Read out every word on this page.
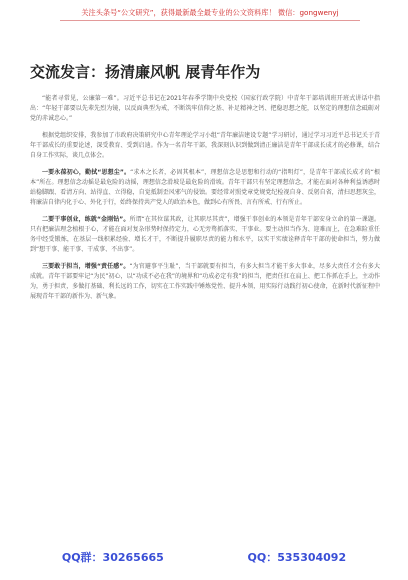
关注头条号“公文研究”，获得最新最全最专业的公文资料库！ 微信：gongwenyj
交流发言：扬清廉风帆 展青年作为

“能者寻常见，公廉第一难”。习近平总书记在2021年春季学期中央党校（国家行政学院）中青年干部培训班开班式讲话中指出：“年轻干部要以先辈先烈为镜，以反面典型为戒，不断筑牢信仰之基、补足精神之钙、把稳思想之舵，以坚定的理想信念砥砺对党的赤诚忠心。”

根据党组织安排，我参加了市政府决策研究中心青年理论学习小组“青年廉洁建设专题”学习研讨，通过学习习近平总书记关于青年干部成长的重要论述，深受教育、受到启迪。作为一名青年干部，我深刻认识到做到清正廉洁是青年干部成长成才的必修课，结合自身工作实际，谈几点体会。

一要永葆初心，勤拭“思想尘”。“求木之长者，必固其根本”，理想信念是思想和行动的“指明灯”，是青年干部成长成才的“根本”所在。理想信念动摇是最危险的动摇，理想信念滑坡是最危险的滑坡。青年干部只有坚定理想信念，才能在面对各种利益诱惑时站稳脚跟、看清方向、站得直、立得稳，自觉抵制歪风邪气的侵蚀。要经常对照党章党规党纪检视自身、反躬自省，清扫思想灰尘，将廉洁自律内化于心、外化于行，始终保持共产党人的政治本色，做到心有所畏、言有所戒、行有所止。

二要干事创业，练就“金刚钻”。所谓“在其位谋其政，让其职尽其责”，增强干事创业的本领是青年干部安身立命的第一课题。只有把廉洁理念植根于心，才能在面对复杂形势时保持定力，心无旁骛抓落实、干事业。要主动担当作为、迎难而上，在急难险重任务中经受锻炼，在基层一线积累经验、增长才干，不断提升履职尽责的能力和水平，以实干实绩诠释青年干部的使命担当，努力做到“想干事、能干事、干成事、不出事”。

三要敢于担当，增强“责任感”。“为官避事平生耻”，当干部就要有担当，有多大担当才能干多大事业，尽多大责任才会有多大成就。青年干部要牢记“为民”初心，以“功成不必在我”的境界和“功成必定有我”的担当，把责任扛在肩上、把工作抓在手上，主动作为，勇于担责，多做打基础、利长远的工作，切实在工作实践中锤炼党性、提升本领，用实际行动践行初心使命，在新时代新征程中展现青年干部的新作为、新气象。

QQ群：30265665	QQ：535304092
